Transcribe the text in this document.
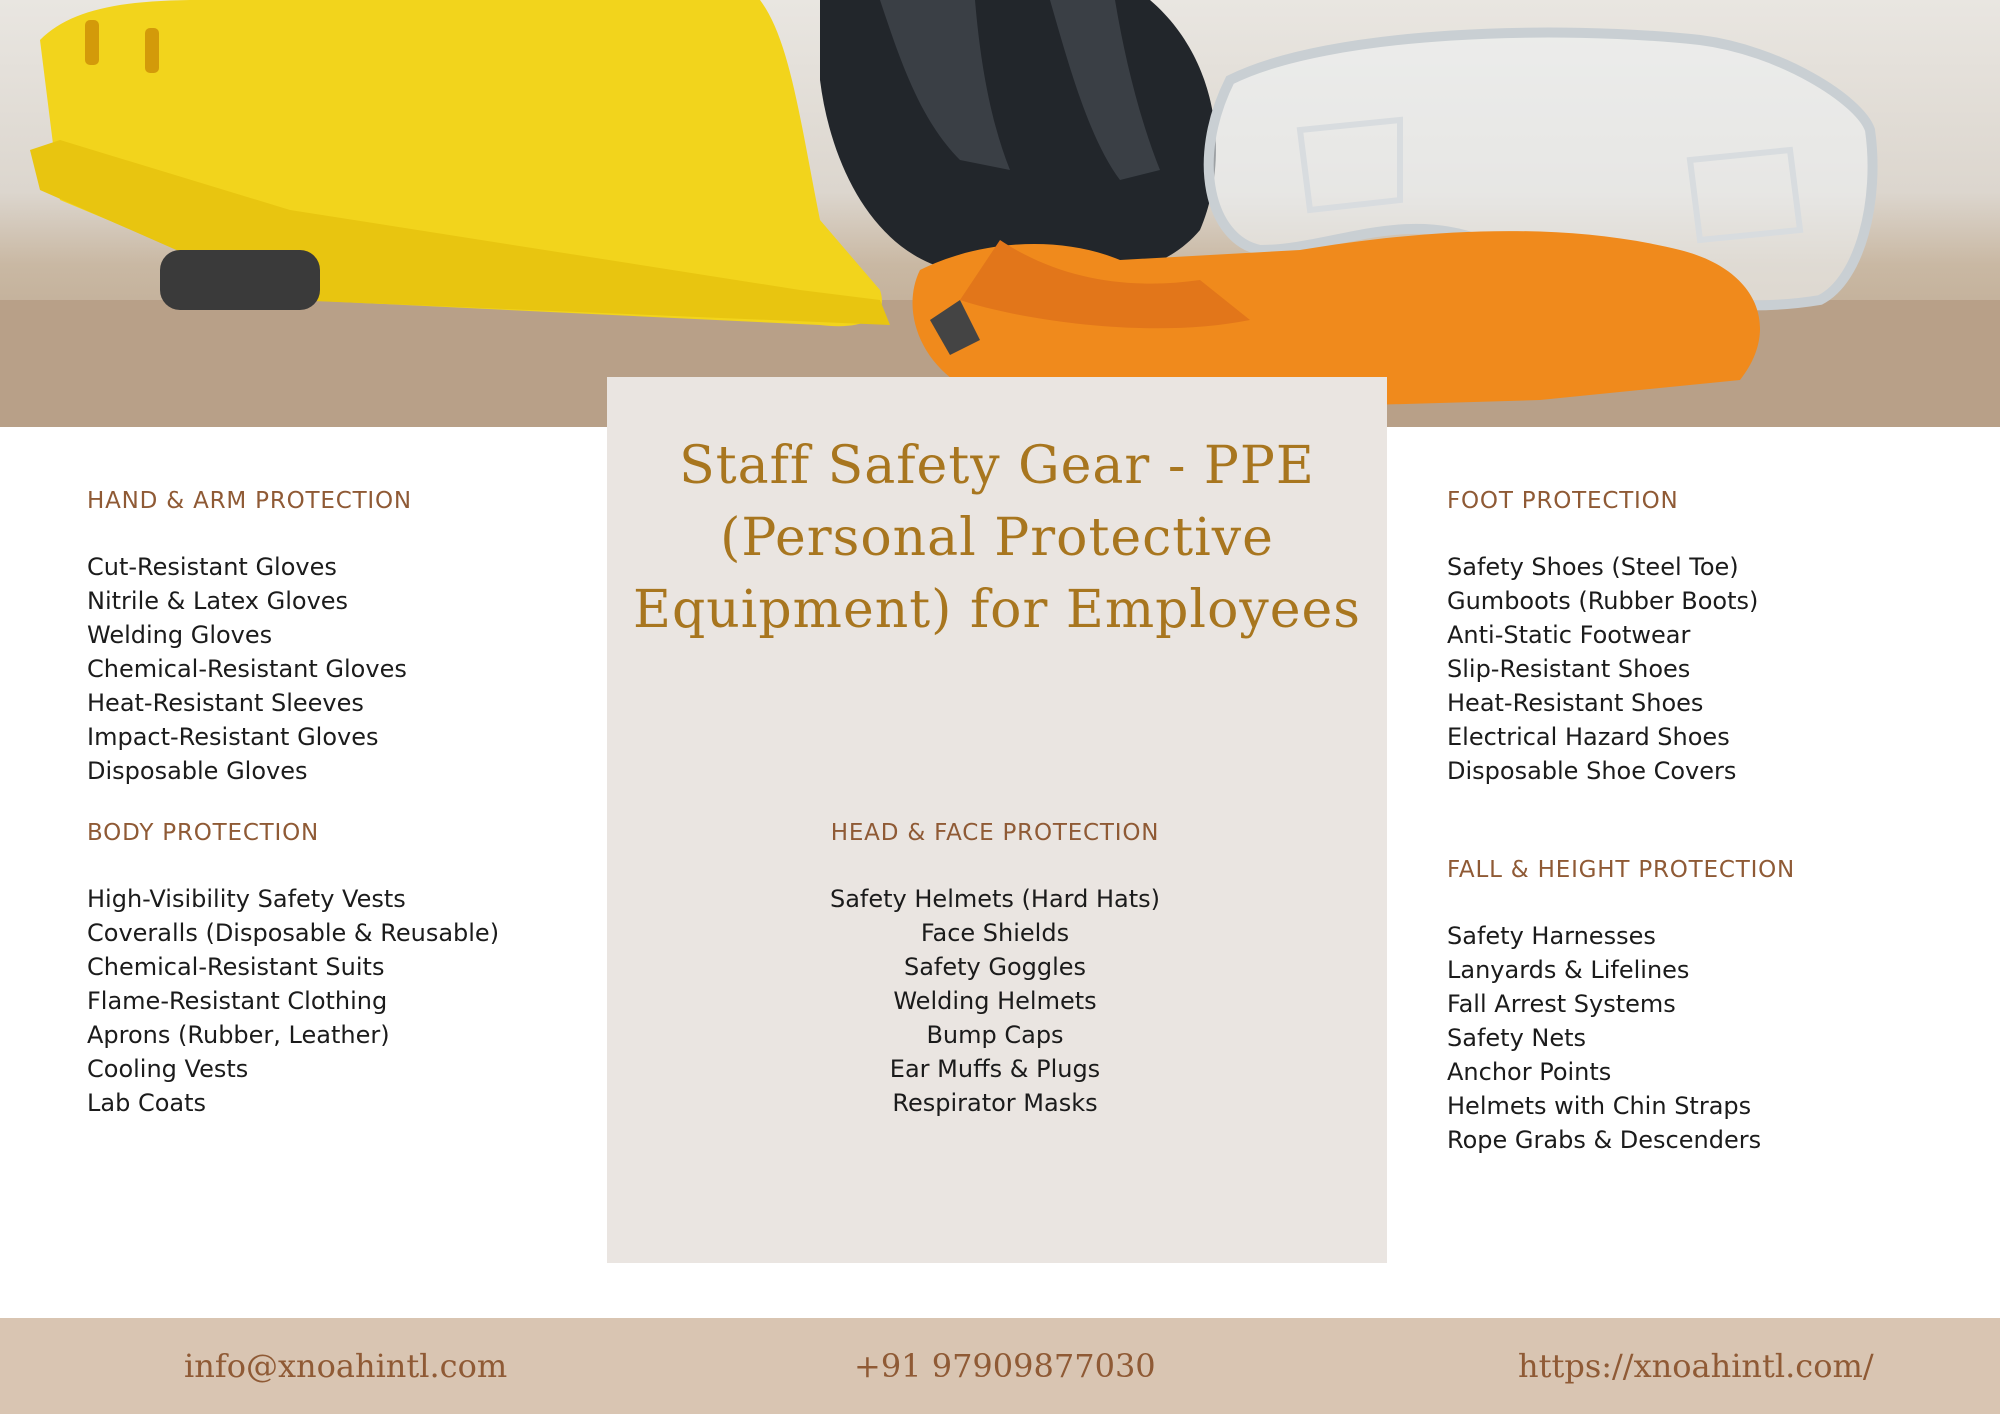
Staff Safety Gear - PPE (Personal Protective Equipment) for Employees
HAND & ARM PROTECTION
Cut-Resistant Gloves
Nitrile & Latex Gloves
Welding Gloves
Chemical-Resistant Gloves
Heat-Resistant Sleeves
Impact-Resistant Gloves
Disposable Gloves
BODY PROTECTION
High-Visibility Safety Vests
Coveralls (Disposable & Reusable)
Chemical-Resistant Suits
Flame-Resistant Clothing
Aprons (Rubber, Leather)
Cooling Vests
Lab Coats
HEAD & FACE PROTECTION
Safety Helmets (Hard Hats)
Face Shields
Safety Goggles
Welding Helmets
Bump Caps
Ear Muffs & Plugs
Respirator Masks
FOOT PROTECTION
Safety Shoes (Steel Toe)
Gumboots (Rubber Boots)
Anti-Static Footwear
Slip-Resistant Shoes
Heat-Resistant Shoes
Electrical Hazard Shoes
Disposable Shoe Covers
FALL & HEIGHT PROTECTION
Safety Harnesses
Lanyards & Lifelines
Fall Arrest Systems
Safety Nets
Anchor Points
Helmets with Chin Straps
Rope Grabs & Descenders
info@xnoahintl.com	+91 97909877030	https://xnoahintl.com/
